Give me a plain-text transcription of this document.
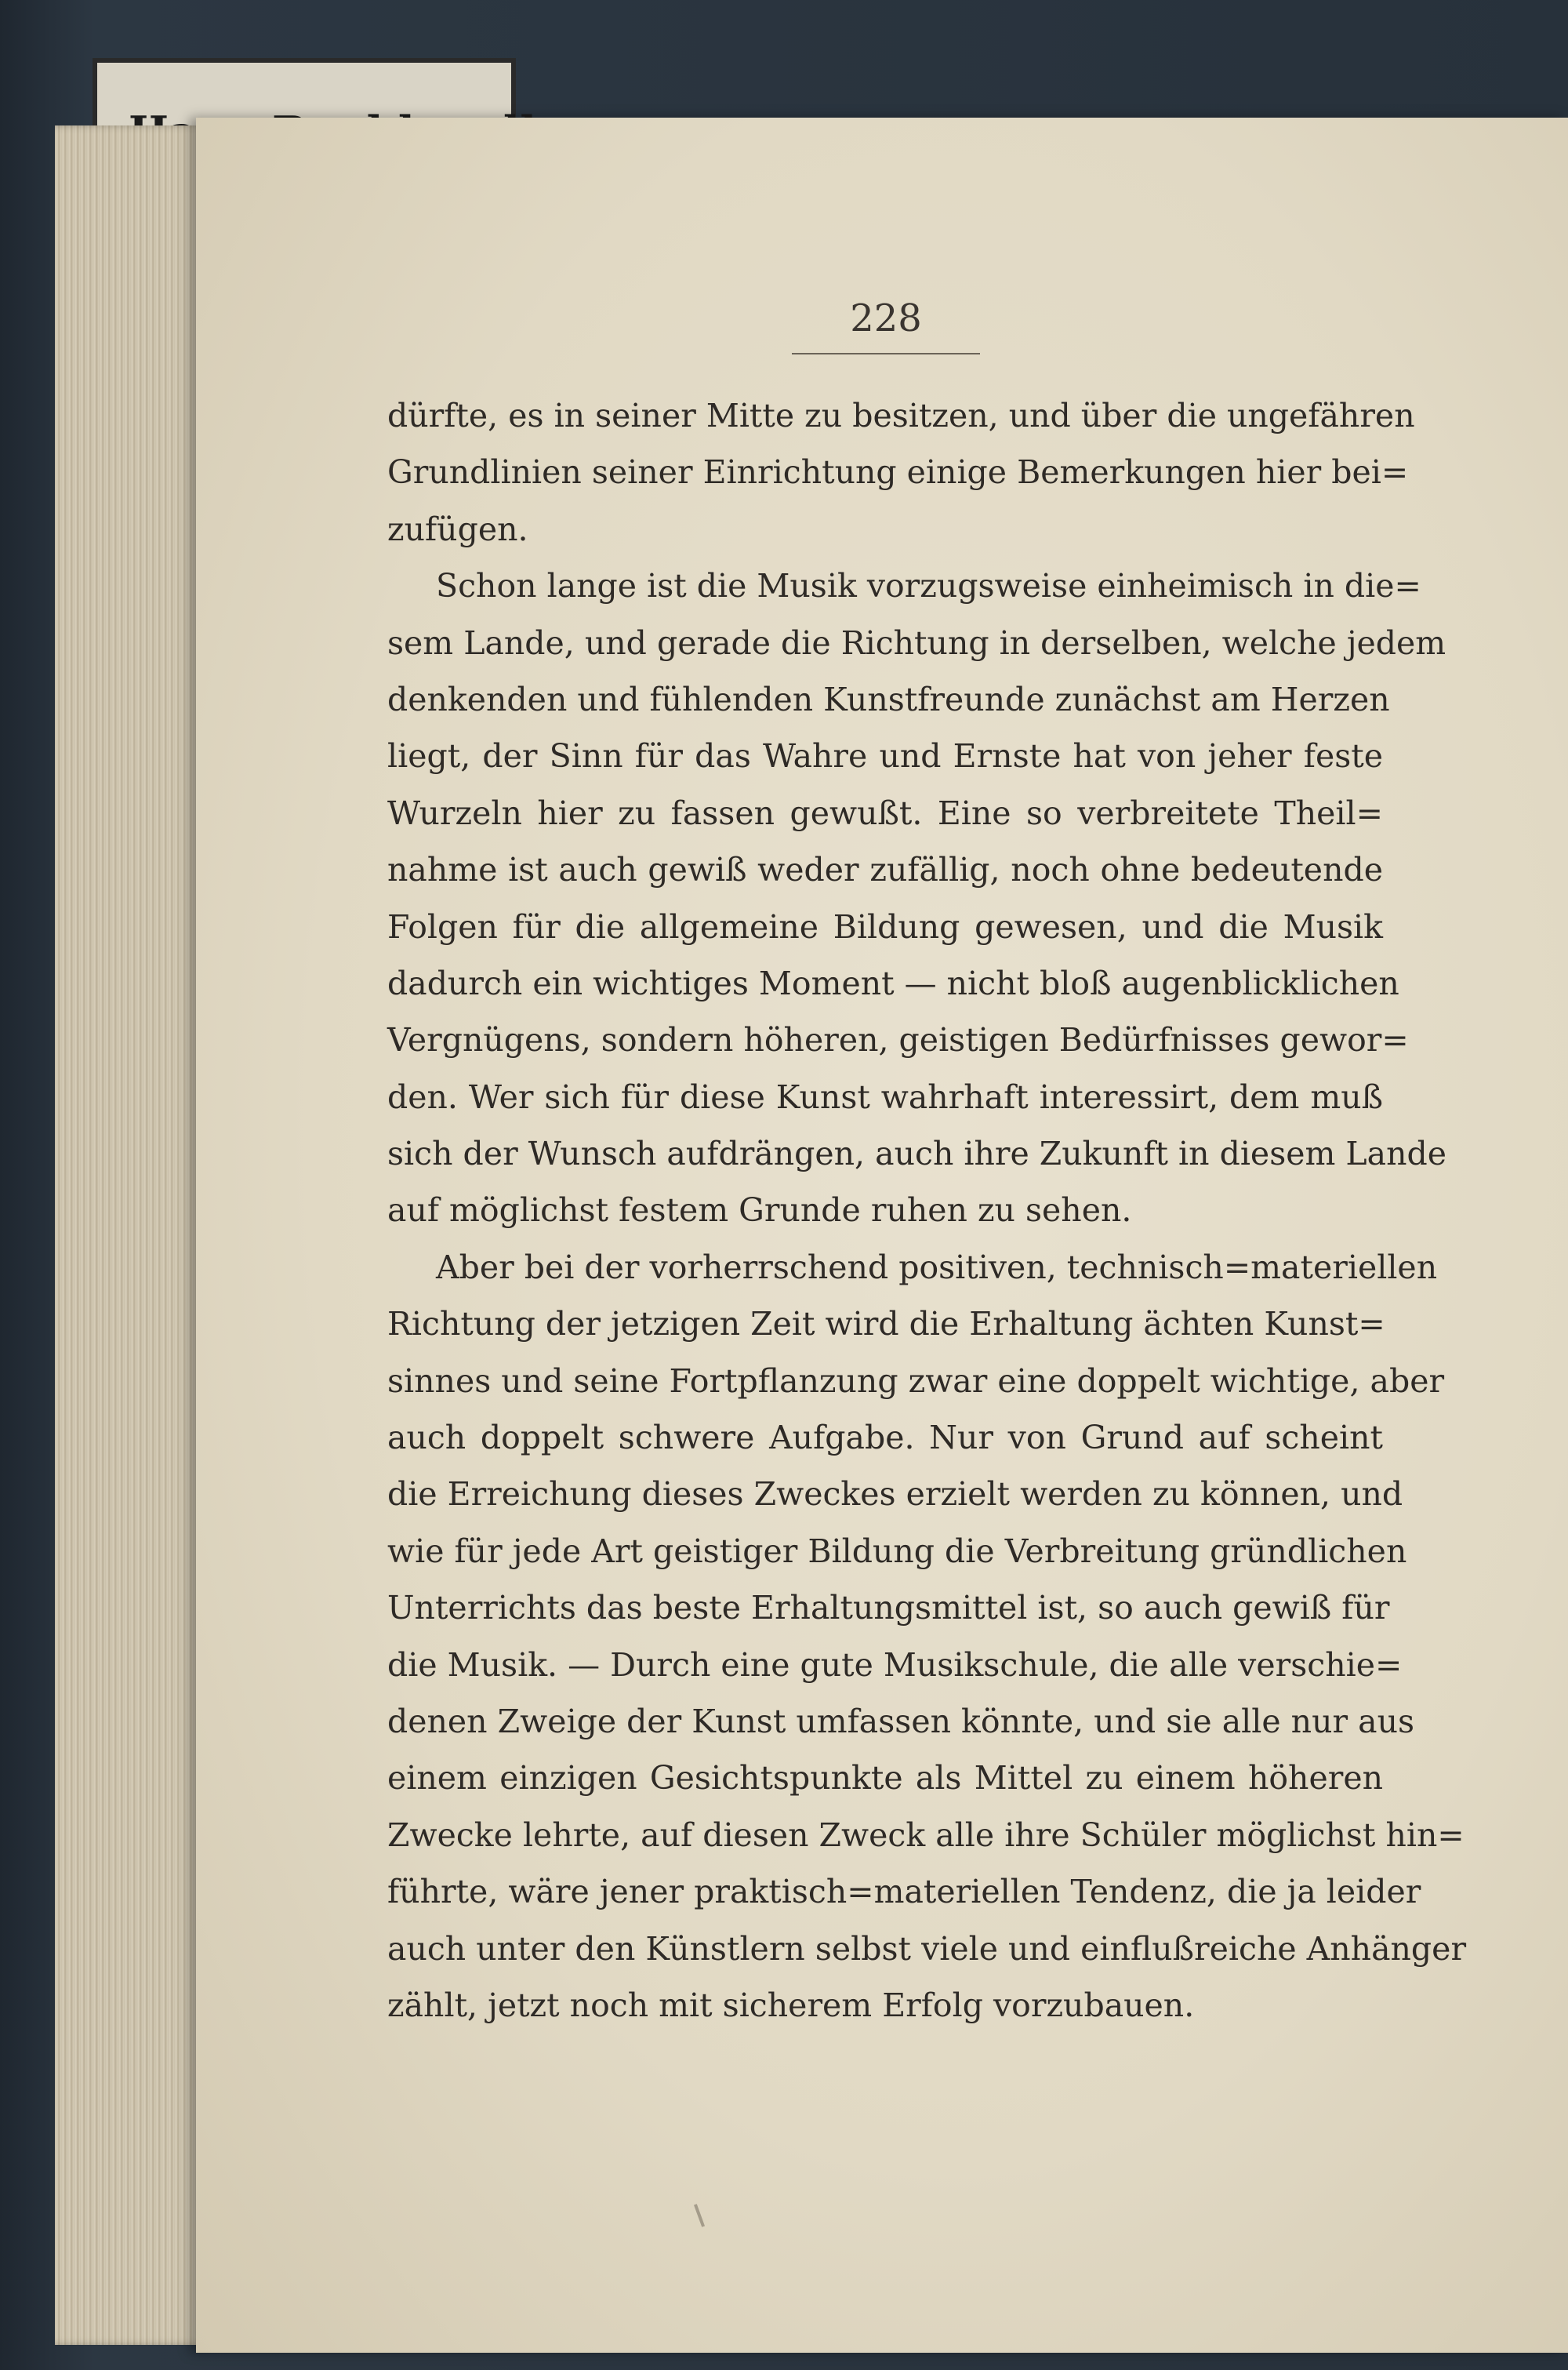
228
dürfte, es in seiner Mitte zu besitzen, und über die ungefähren
Grundlinien seiner Einrichtung einige Bemerkungen hier bei=
zufügen.
Schon lange ist die Musik vorzugsweise einheimisch in die=
sem Lande, und gerade die Richtung in derselben, welche jedem
denkenden und fühlenden Kunstfreunde zunächst am Herzen
liegt, der Sinn für das Wahre und Ernste hat von jeher feste
Wurzeln hier zu fassen gewußt. Eine so verbreitete Theil=
nahme ist auch gewiß weder zufällig, noch ohne bedeutende
Folgen für die allgemeine Bildung gewesen, und die Musik
dadurch ein wichtiges Moment — nicht bloß augenblicklichen
Vergnügens, sondern höheren, geistigen Bedürfnisses gewor=
den. Wer sich für diese Kunst wahrhaft interessirt, dem muß
sich der Wunsch aufdrängen, auch ihre Zukunft in diesem Lande
auf möglichst festem Grunde ruhen zu sehen.
Aber bei der vorherrschend positiven, technisch=materiellen
Richtung der jetzigen Zeit wird die Erhaltung ächten Kunst=
sinnes und seine Fortpflanzung zwar eine doppelt wichtige, aber
auch doppelt schwere Aufgabe. Nur von Grund auf scheint
die Erreichung dieses Zweckes erzielt werden zu können, und
wie für jede Art geistiger Bildung die Verbreitung gründlichen
Unterrichts das beste Erhaltungsmittel ist, so auch gewiß für
die Musik. — Durch eine gute Musikschule, die alle verschie=
denen Zweige der Kunst umfassen könnte, und sie alle nur aus
einem einzigen Gesichtspunkte als Mittel zu einem höheren
Zwecke lehrte, auf diesen Zweck alle ihre Schüler möglichst hin=
führte, wäre jener praktisch=materiellen Tendenz, die ja leider
auch unter den Künstlern selbst viele und einflußreiche Anhänger
zählt, jetzt noch mit sicherem Erfolg vorzubauen.
